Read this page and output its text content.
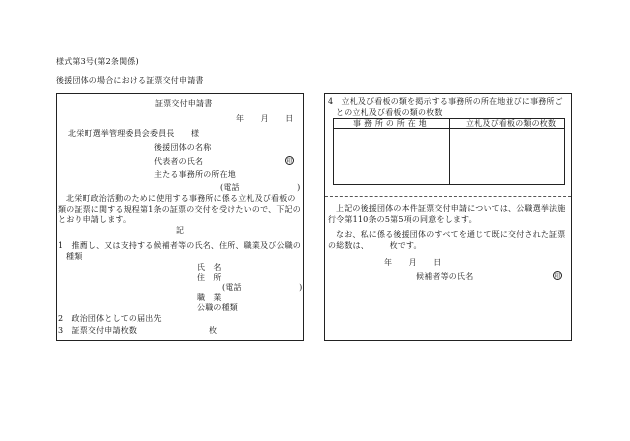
様式第3号(第2条関係)
後援団体の場合における証票交付申請書
証票交付申請書
年　　月　　日
北栄町選挙管理委員会委員長　　様
後援団体の名称
代表者の氏名	印
主たる事務所の所在地
(電話　　　　　　　)
北栄町政治活動のために使用する事務所に係る立札及び看板の類の証票に関する規程第1条の証票の交付を受けたいので、下記のとおり申請します。
記
1　推薦し、又は支持する候補者等の氏名、住所、職業及び公職の種類
氏　名
住　所
(電話　　　　　　　)
職　業
公職の種類
2　政治団体としての届出先
3　証票交付申請枚数	枚
4　立札及び看板の類を掲示する事務所の所在地並びに事務所ごとの立札及び看板の類の枚数
事 務 所 の 所 在 地	立札及び看板の類の枚数
上記の後援団体の本件証票交付申請については、公職選挙法施行令第110条の5第5項の同意をします。
なお、私に係る後援団体のすべてを通じて既に交付された証票の総数は、　　　枚です。
年　　月　　日
候補者等の氏名	印
